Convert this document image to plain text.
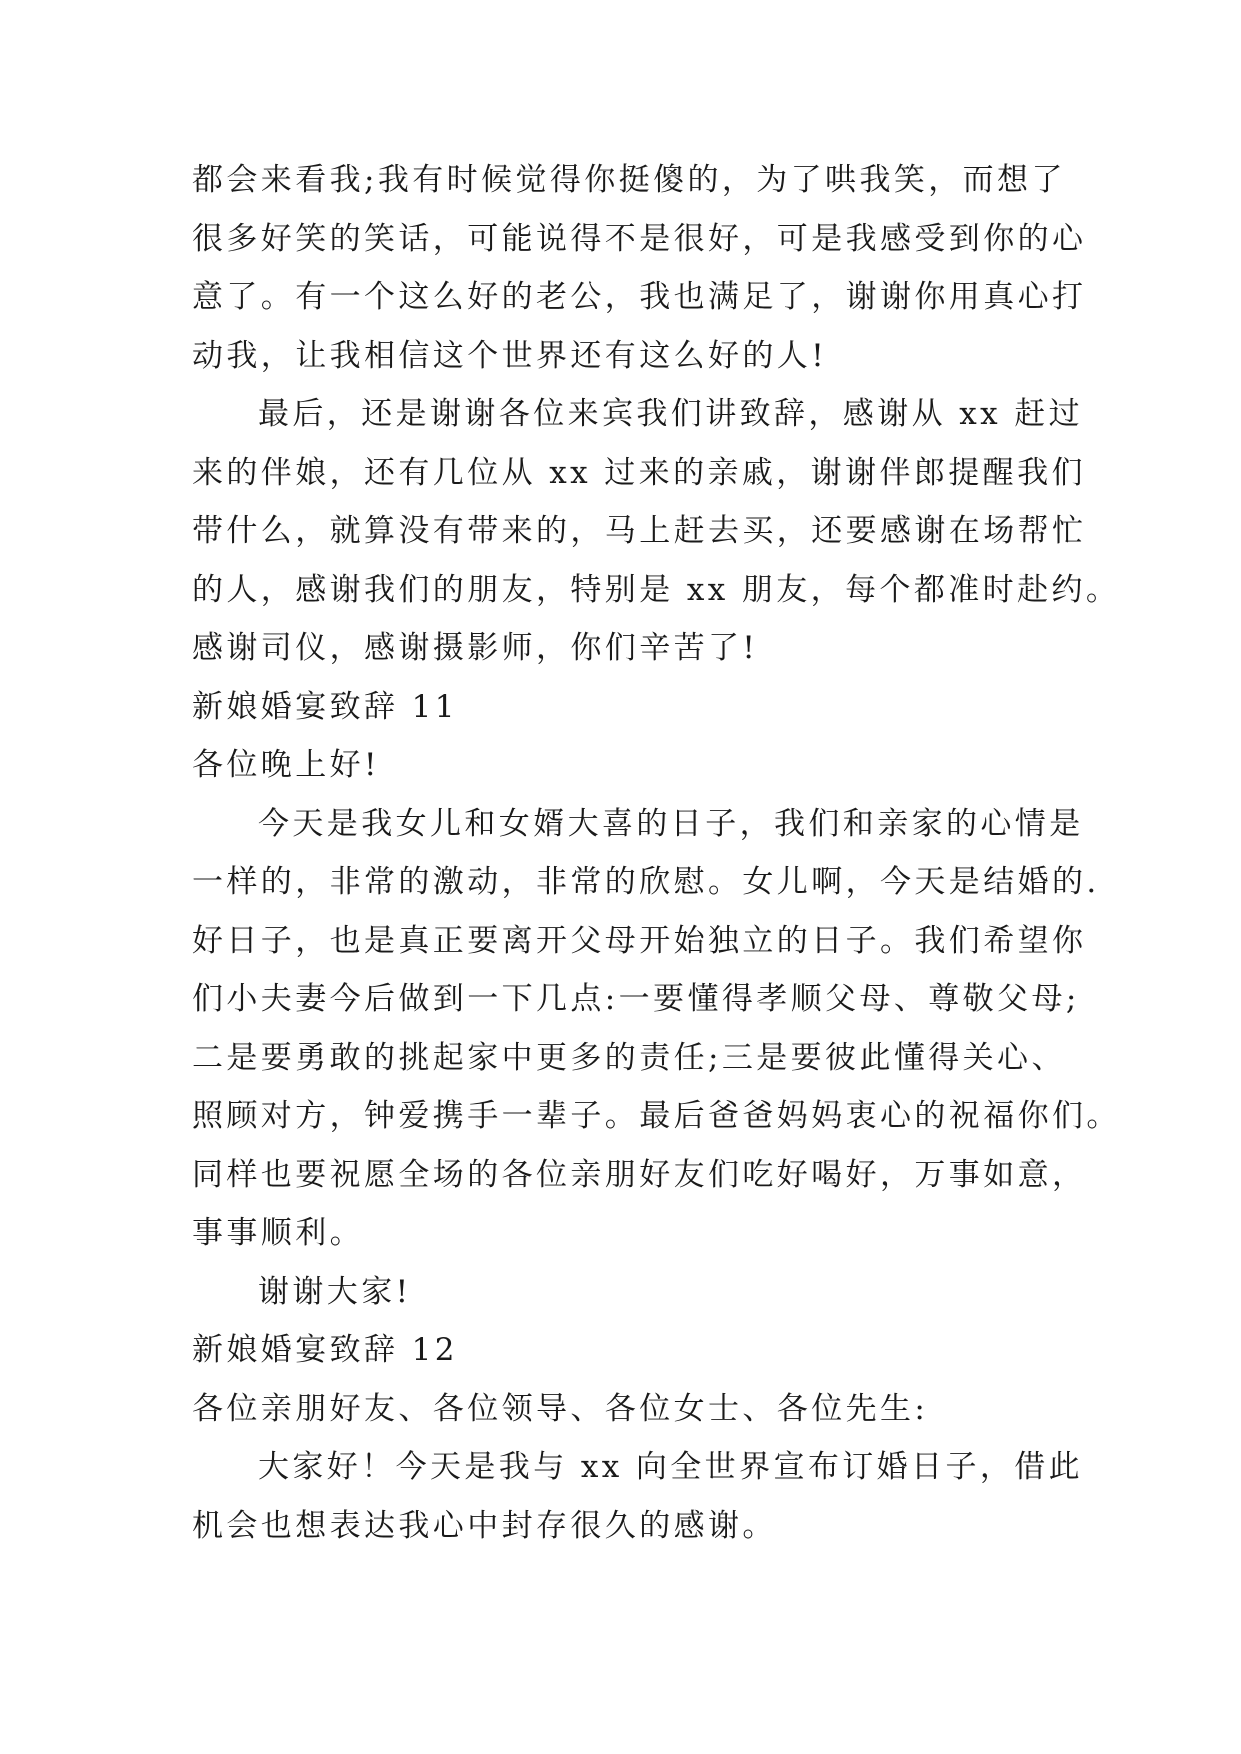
都会来看我;我有时候觉得你挺傻的，为了哄我笑，而想了
很多好笑的笑话，可能说得不是很好，可是我感受到你的心
意了。有一个这么好的老公，我也满足了，谢谢你用真心打
动我，让我相信这个世界还有这么好的人!
最后，还是谢谢各位来宾我们讲致辞，感谢从 xx 赶过
来的伴娘，还有几位从 xx 过来的亲戚，谢谢伴郎提醒我们
带什么，就算没有带来的，马上赶去买，还要感谢在场帮忙
的人，感谢我们的朋友，特别是 xx 朋友，每个都准时赴约。
感谢司仪，感谢摄影师，你们辛苦了!
新娘婚宴致辞 11
各位晚上好!
今天是我女儿和女婿大喜的日子，我们和亲家的心情是
一样的，非常的激动，非常的欣慰。女儿啊，今天是结婚的.
好日子，也是真正要离开父母开始独立的日子。我们希望你
们小夫妻今后做到一下几点:一要懂得孝顺父母、尊敬父母;
二是要勇敢的挑起家中更多的责任;三是要彼此懂得关心、
照顾对方，钟爱携手一辈子。最后爸爸妈妈衷心的祝福你们。
同样也要祝愿全场的各位亲朋好友们吃好喝好，万事如意，
事事顺利。
谢谢大家!
新娘婚宴致辞 12
各位亲朋好友、各位领导、各位女士、各位先生:
大家好！今天是我与 xx 向全世界宣布订婚日子，借此
机会也想表达我心中封存很久的感谢。
